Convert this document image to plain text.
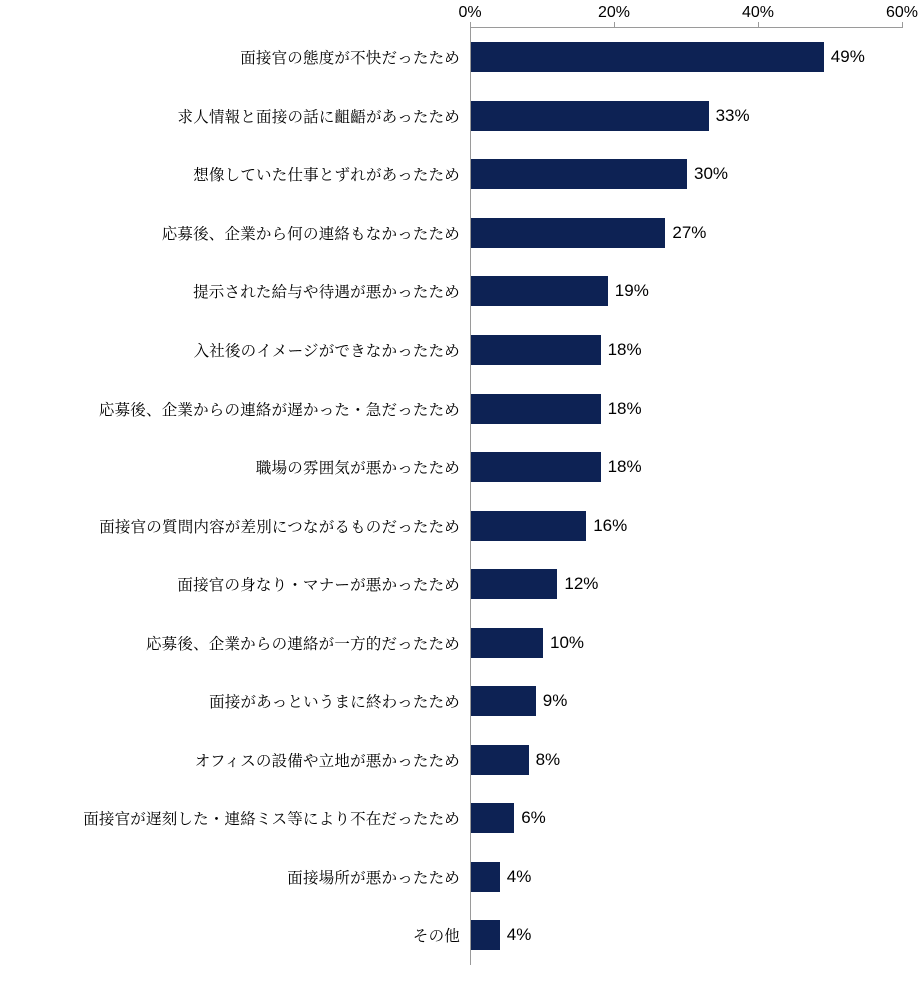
0%	20%	40%	60%
面接官の態度が不快だったため	49%
求人情報と面接の話に齟齬があったため	33%
想像していた仕事とずれがあったため	30%
応募後、企業から何の連絡もなかったため	27%
提示された給与や待遇が悪かったため	19%
入社後のイメージができなかったため	18%
応募後、企業からの連絡が遅かった・急だったため	18%
職場の雰囲気が悪かったため	18%
面接官の質問内容が差別につながるものだったため	16%
面接官の身なり・マナーが悪かったため	12%
応募後、企業からの連絡が一方的だったため	10%
面接があっというまに終わったため	9%
オフィスの設備や立地が悪かったため	8%
面接官が遅刻した・連絡ミス等により不在だったため	6%
面接場所が悪かったため	4%
その他	4%
